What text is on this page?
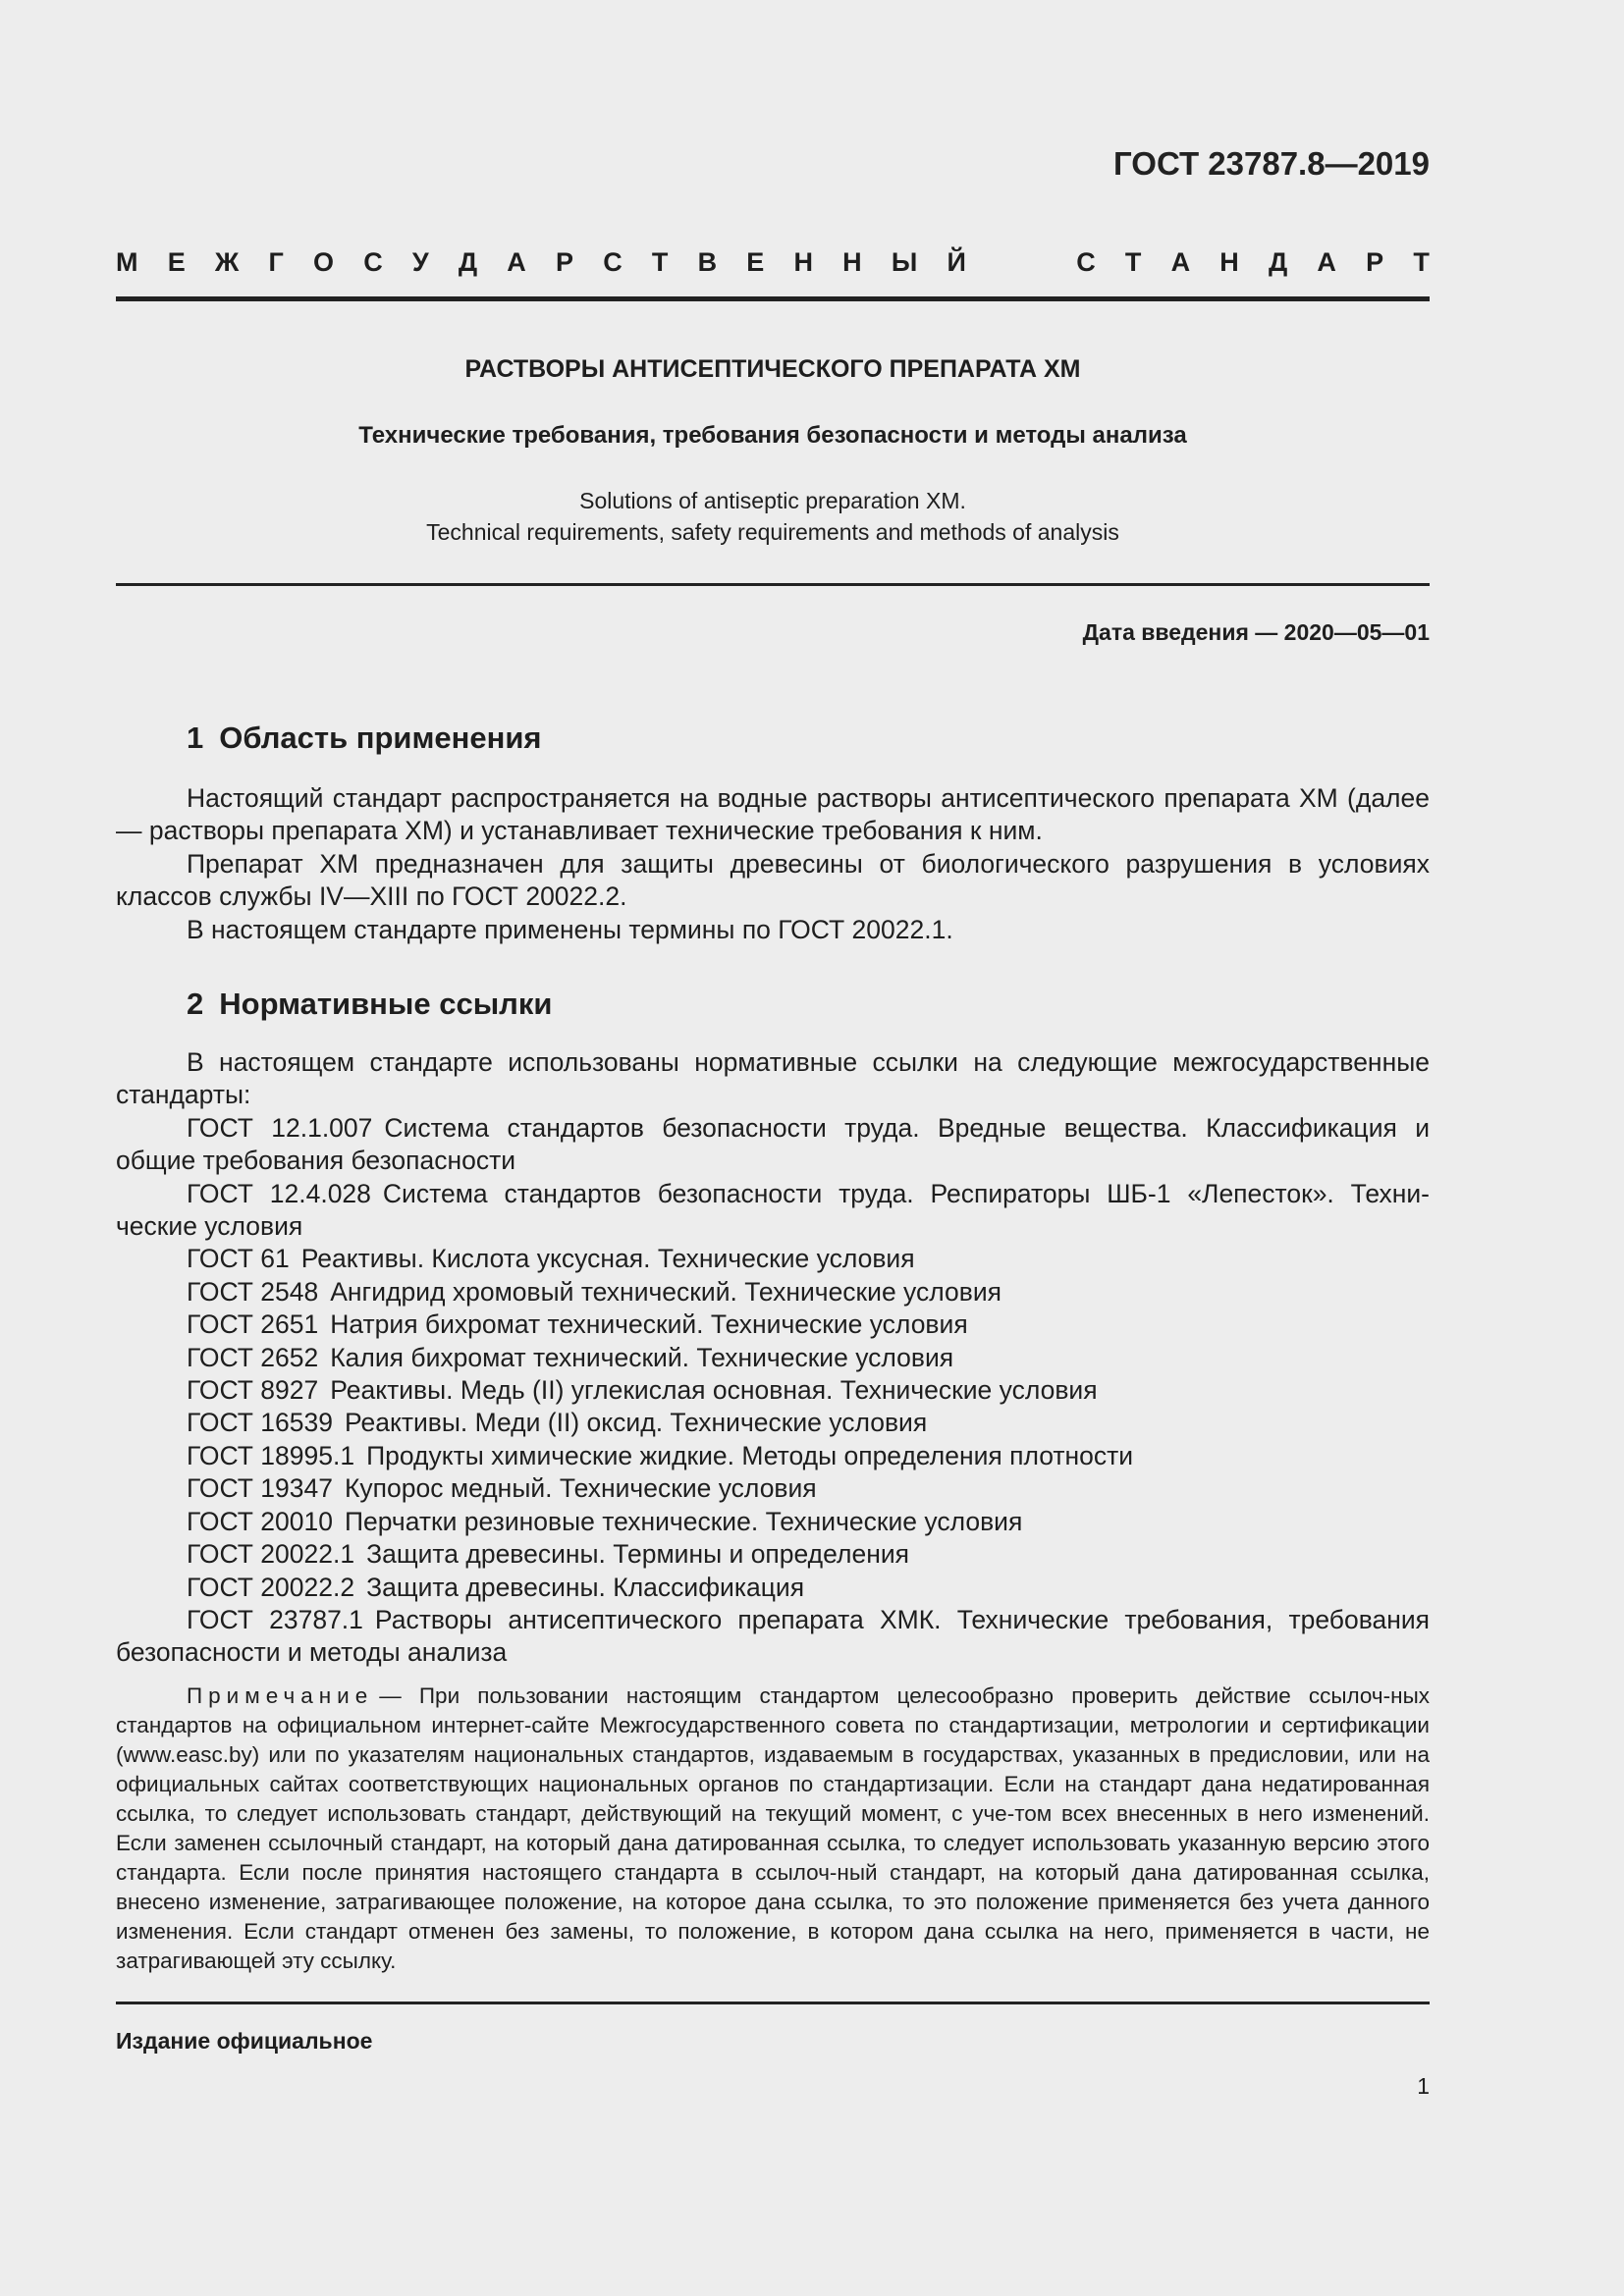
ГОСТ 23787.8—2019
М Е Ж Г О С У Д А Р С Т В Е Н Н Ы Й	С Т А Н Д А Р Т
РАСТВОРЫ АНТИСЕПТИЧЕСКОГО ПРЕПАРАТА ХМ
Технические требования, требования безопасности и методы анализа
Solutions of antiseptic preparation XM.
Technical requirements, safety requirements and methods of analysis
Дата введения — 2020—05—01
1 Область применения

Настоящий стандарт распространяется на водные растворы антисептического препарата ХМ (далее — растворы препарата ХМ) и устанавливает технические требования к ним.

Препарат ХМ предназначен для защиты древесины от биологического разрушения в условиях классов службы IV—XIII по ГОСТ 20022.2.

В настоящем стандарте применены термины по ГОСТ 20022.1.

2 Нормативные ссылки

В настоящем стандарте использованы нормативные ссылки на следующие межгосударственные стандарты:

ГОСТ 12.1.007 Система стандартов безопасности труда. Вредные вещества. Классификация и общие требования безопасности

ГОСТ 12.4.028 Система стандартов безопасности труда. Респираторы ШБ-1 «Лепесток». Техни-ческие условия

ГОСТ 61 Реактивы. Кислота уксусная. Технические условия

ГОСТ 2548 Ангидрид хромовый технический. Технические условия

ГОСТ 2651 Натрия бихромат технический. Технические условия

ГОСТ 2652 Калия бихромат технический. Технические условия

ГОСТ 8927 Реактивы. Медь (II) углекислая основная. Технические условия

ГОСТ 16539 Реактивы. Меди (II) оксид. Технические условия

ГОСТ 18995.1 Продукты химические жидкие. Методы определения плотности

ГОСТ 19347 Купорос медный. Технические условия

ГОСТ 20010 Перчатки резиновые технические. Технические условия

ГОСТ 20022.1 Защита древесины. Термины и определения

ГОСТ 20022.2 Защита древесины. Классификация

ГОСТ 23787.1 Растворы антисептического препарата ХМК. Технические требования, требования безопасности и методы анализа

Примечание — При пользовании настоящим стандартом целесообразно проверить действие ссылоч-ных стандартов на официальном интернет-сайте Межгосударственного совета по стандартизации, метрологии и сертификации (www.easc.by) или по указателям национальных стандартов, издаваемым в государствах, указанных в предисловии, или на официальных сайтах соответствующих национальных органов по стандартизации. Если на стандарт дана недатированная ссылка, то следует использовать стандарт, действующий на текущий момент, с уче-том всех внесенных в него изменений. Если заменен ссылочный стандарт, на который дана датированная ссылка, то следует использовать указанную версию этого стандарта. Если после принятия настоящего стандарта в ссылоч-ный стандарт, на который дана датированная ссылка, внесено изменение, затрагивающее положение, на которое дана ссылка, то это положение применяется без учета данного изменения. Если стандарт отменен без замены, то положение, в котором дана ссылка на него, применяется в части, не затрагивающей эту ссылку.

Издание официальное
1
